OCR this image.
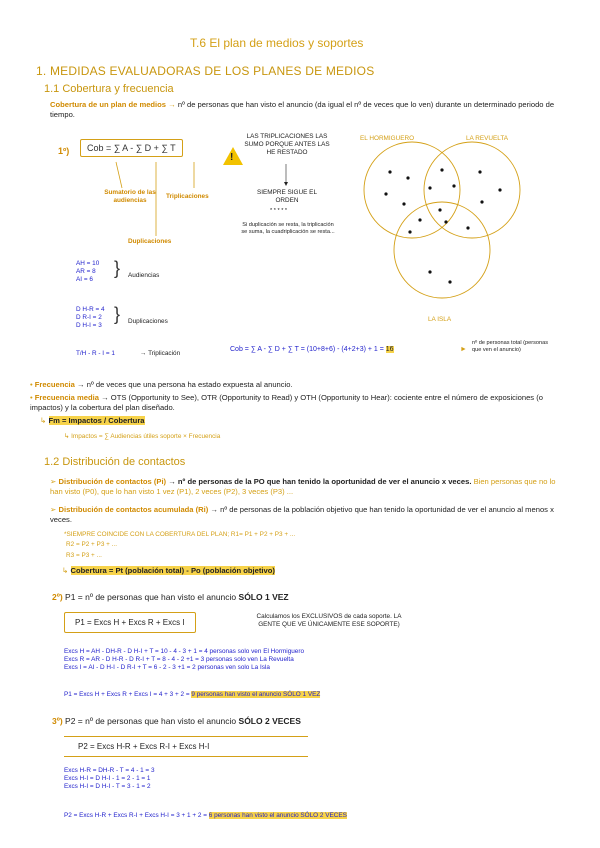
T.6 El plan de medios y soportes
1. MEDIDAS EVALUADORAS DE LOS PLANES DE MEDIOS
1.1 Cobertura y frecuencia
Cobertura de un plan de medios → nº de personas que han visto el anuncio (da igual el nº de veces que lo ven) durante un determinado periodo de tiempo.
1º)	Cob = ∑ A - ∑ D + ∑ T
Sumatorio de las audiencias
Triplicaciones
Duplicaciones
!
LAS TRIPLICACIONES LAS SUMO PORQUE ANTES LAS HE RESTADO
SIEMPRE SIGUE EL ORDEN
* * * * *
Si duplicación se resta, la triplicación se suma, la cuadriplicación se resta...
EL HORMIGUERO	LA REVUELTA
LA ISLA
AH = 10
AR = 8
AI = 6
} Audiencias
D H-R = 4
D R-I = 2
D H-I = 3
} Duplicaciones
T/H - R - I = 1	→ Triplicación
Cob = ∑ A - ∑ D + ∑ T = (10+8+6) - (4+2+3) + 1 = 16	►
nº de personas total (personas que ven el anuncio)
• Frecuencia → nº de veces que una persona ha estado expuesta al anuncio.
• Frecuencia media → OTS (Opportunity to See), OTR (Opportunity to Read) y OTH (Opportunity to Hear): cociente entre el número de exposiciones (o impactos) y la cobertura del plan diseñado.
↳ Fm = Impactos / Cobertura
↳ Impactos = ∑ Audiencias útiles soporte × Frecuencia
1.2 Distribución de contactos
➢ Distribución de contactos (Pi) → nº de personas de la PO que han tenido la oportunidad de ver el anuncio x veces. Bien personas que no lo han visto (P0), que lo han visto 1 vez (P1), 2 veces (P2), 3 veces (P3) ...
➢ Distribución de contactos acumulada (Ri) → nº de personas de la población objetivo que han tenido la oportunidad de ver el anuncio al menos x veces.
*SIEMPRE COINCIDE CON LA COBERTURA DEL PLAN; R1= P1 + P2 + P3 + ...
R2 = P2 + P3 + ...
R3 = P3 + ...
↳ Cobertura = Pt (población total) - Po (población objetivo)
2º) P1 = nº de personas que han visto el anuncio SÓLO 1 VEZ
P1 = Excs H + Excs R + Excs I
Calculamos los EXCLUSIVOS de cada soporte. LA GENTE QUE VE ÚNICAMENTE ESE SOPORTE)
Excs H = AH - DH-R - D H-I + T = 10 - 4 - 3 + 1 = 4 personas solo ven El Hormiguero
Excs R = AR - D H-R - D R-I + T = 8 - 4 - 2 +1 = 3 personas solo ven La Revuelta
Excs I = AI - D H-I - D R-I + T = 6 - 2 - 3 +1 = 2 personas ven solo La Isla
P1 = Excs H + Excs R + Excs I = 4 + 3 + 2 = 9 personas han visto el anuncio SÓLO 1 VEZ
3º) P2 = nº de personas que han visto el anuncio SÓLO 2 VECES
P2 = Excs H-R + Excs R-I + Excs H-I
Excs H-R = DH-R - T = 4 - 1 = 3
Excs H-I = D H-I - 1 = 2 - 1 = 1
Excs H-I = D H-I - T = 3 - 1 = 2
P2 = Excs H-R + Excs R-I + Excs H-I = 3 + 1 + 2 = 6 personas han visto el anuncio SÓLO 2 VECES
